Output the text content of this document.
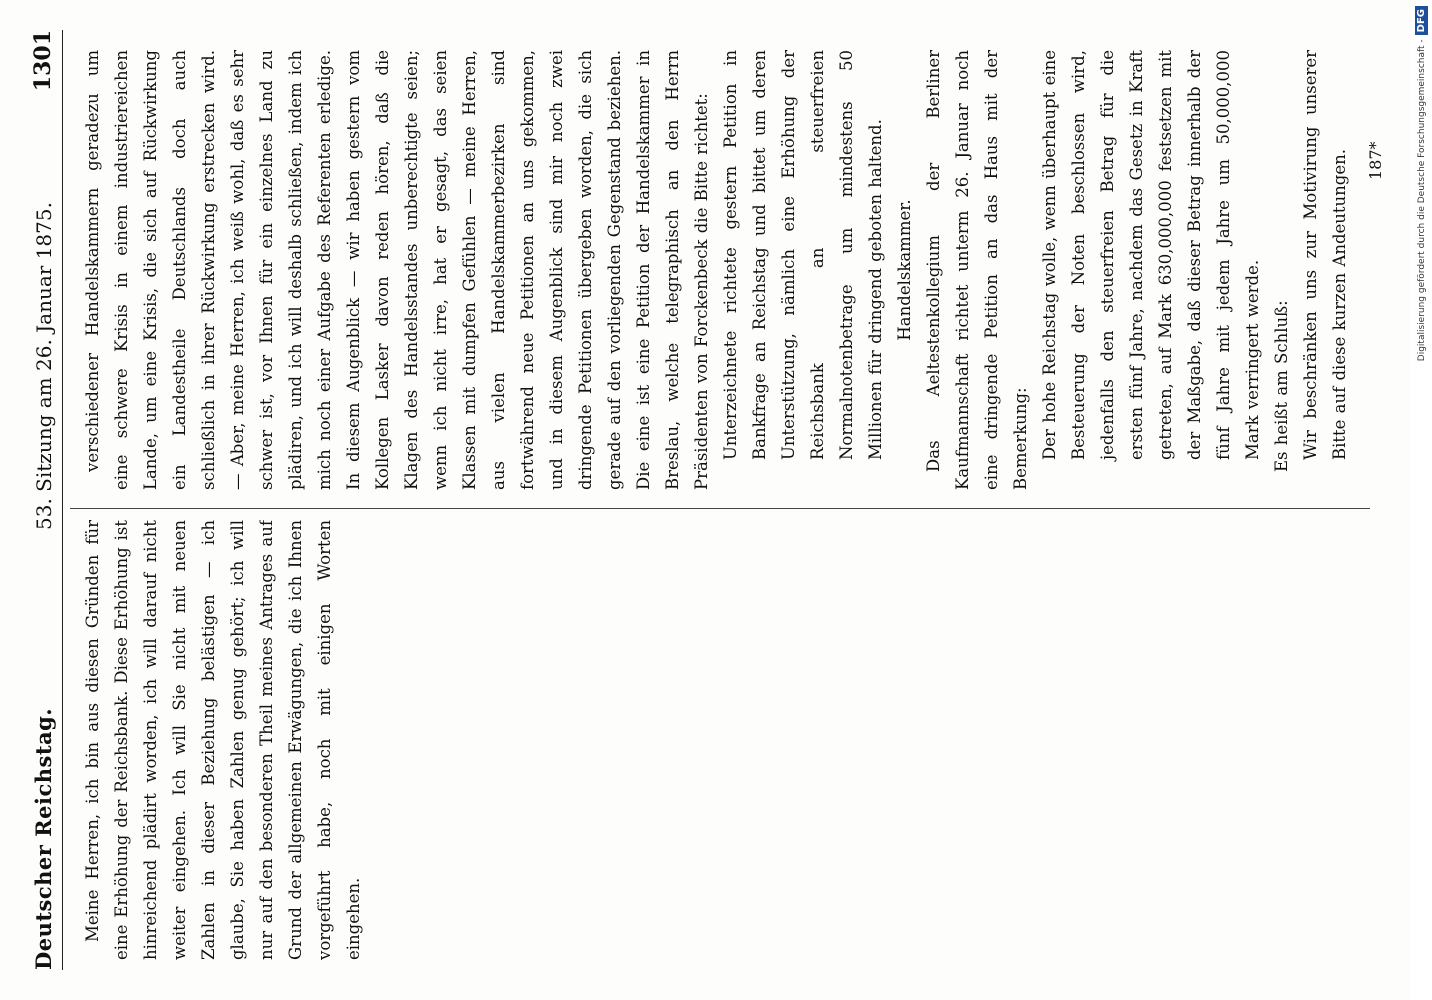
Deutscher Reichstag.
53. Sitzung am 26. Januar 1875.
1301

Meine Herren, ich bin aus diesen Gründen für eine Erhöhung der Reichsbank. Diese Erhöhung ist hinreichend plädirt worden, ich will darauf nicht weiter eingehen. Ich will Sie nicht mit neuen Zahlen in dieser Beziehung belästigen — ich glaube, Sie haben Zahlen genug gehört; ich will nur auf den besonderen Theil meines Antrages auf Grund der allgemeinen Erwägungen, die ich Ihnen vorgeführt habe, noch mit einigen Worten eingehen.

verschiedener Handelskammern geradezu um eine schwere Krisis in einem industriereichen Lande, um eine Krisis, die sich auf Rückwirkung ein Landestheile Deutschlands doch auch schließlich in ihrer Rückwirkung erstrecken wird. — Aber, meine Herren, ich weiß wohl, daß es sehr schwer ist, vor Ihnen für ein einzelnes Land zu plädiren, und ich will deshalb schließen, indem ich mich noch einer Aufgabe des Referenten erledige. In diesem Augenblick — wir haben gestern vom Kollegen Lasker davon reden hören, daß die Klagen des Handelsstandes unberechtigte seien; wenn ich nicht irre, hat er gesagt, das seien Klassen mit dumpfen Gefühlen — meine Herren, aus vielen Handelskammerbezirken sind fortwährend neue Petitionen an uns gekommen, und in diesem Augenblick sind mir noch zwei dringende Petitionen übergeben worden, die sich gerade auf den vorliegenden Gegenstand beziehen. Die eine ist eine Petition der Handelskammer in Breslau, welche telegraphisch an den Herrn Präsidenten von Forckenbeck die Bitte richtet: Unterzeichnete richtete gestern Petition in Bankfrage an Reichstag und bittet um deren Unterstützung, nämlich eine Erhöhung der Reichsbank an steuerfreien Normalnotenbetrage um mindestens 50 Millionen für dringend geboten haltend. Handelskammer. Das Aeltestenkollegium der Berliner Kaufmannschaft richtet unterm 26. Januar noch eine dringende Petition an das Haus mit der Bemerkung: Der hohe Reichstag wolle, wenn überhaupt eine Besteuerung der Noten beschlossen wird, jedenfalls den steuerfreien Betrag für die ersten fünf Jahre, nachdem das Gesetz in Kraft getreten, auf Mark 630,000,000 festsetzen mit der Maßgabe, daß dieser Betrag innerhalb der fünf Jahre mit jedem Jahre um 50,000,000 Mark verringert werde. Es heißt am Schluß: Wir beschränken uns zur Motivirung unserer Bitte auf diese kurzen Andeutungen.	187*	Digitalisierung gefördert durch die Deutsche Forschungsgemeinschaft -
DFG
